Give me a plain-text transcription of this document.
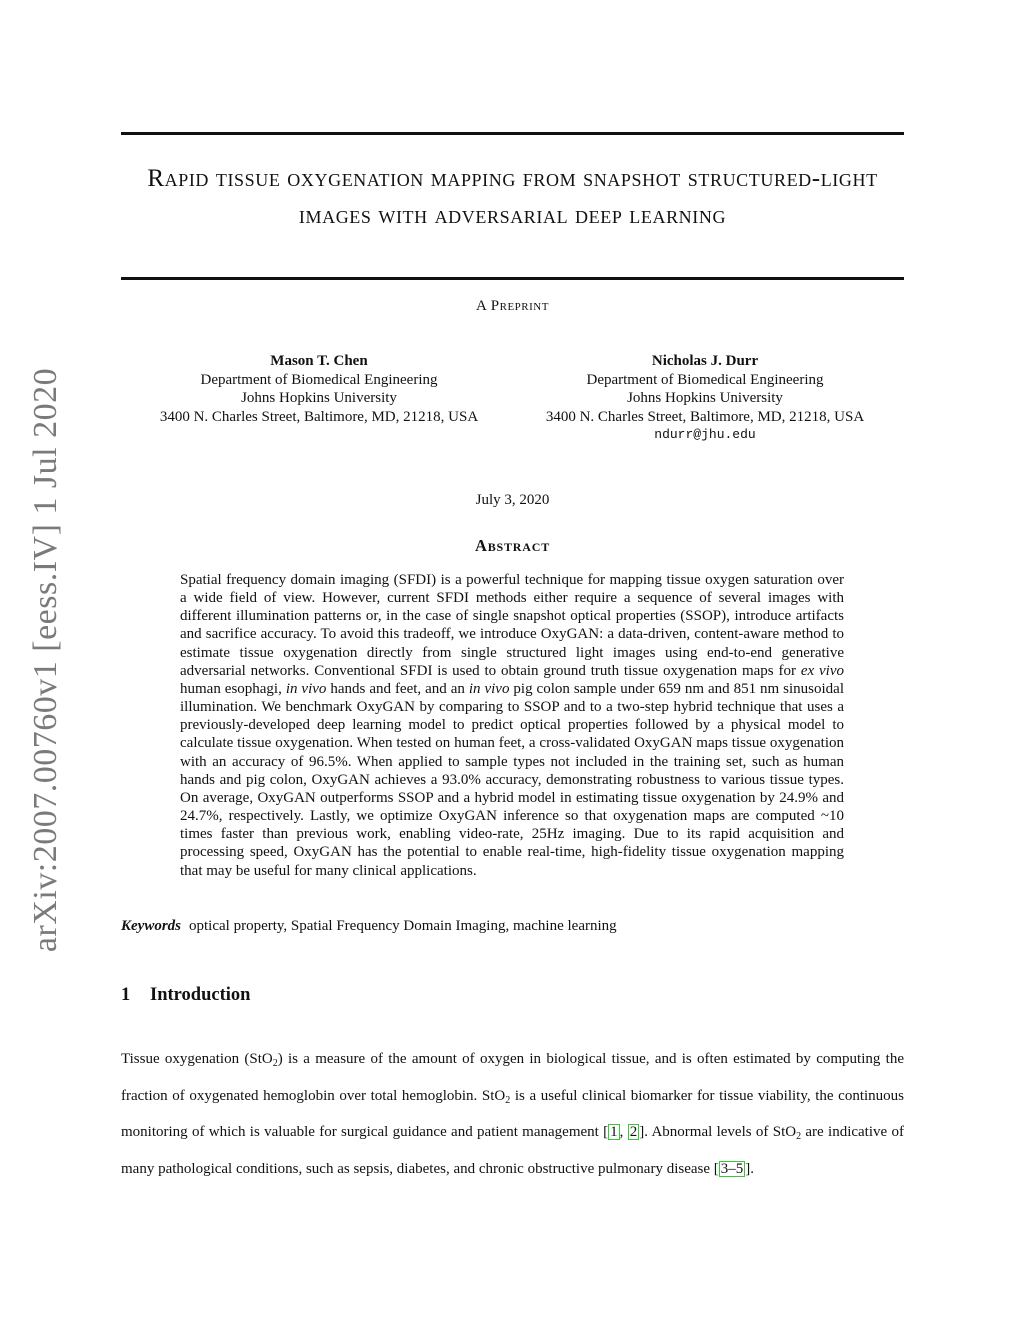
arXiv:2007.00760v1 [eess.IV] 1 Jul 2020
Rapid tissue oxygenation mapping from snapshot structured-light images with adversarial deep learning
A Preprint
Mason T. Chen
Department of Biomedical Engineering
Johns Hopkins University
3400 N. Charles Street, Baltimore, MD, 21218, USA
Nicholas J. Durr
Department of Biomedical Engineering
Johns Hopkins University
3400 N. Charles Street, Baltimore, MD, 21218, USA
ndurr@jhu.edu
July 3, 2020
Abstract

Spatial frequency domain imaging (SFDI) is a powerful technique for mapping tissue oxygen saturation over a wide field of view. However, current SFDI methods either require a sequence of several images with different illumination patterns or, in the case of single snapshot optical properties (SSOP), introduce artifacts and sacrifice accuracy. To avoid this tradeoff, we introduce OxyGAN: a data-driven, content-aware method to estimate tissue oxygenation directly from single structured light images using end-to-end generative adversarial networks. Conventional SFDI is used to obtain ground truth tissue oxygenation maps for ex vivo human esophagi, in vivo hands and feet, and an in vivo pig colon sample under 659 nm and 851 nm sinusoidal illumination. We benchmark OxyGAN by comparing to SSOP and to a two-step hybrid technique that uses a previously-developed deep learning model to predict optical properties followed by a physical model to calculate tissue oxygenation. When tested on human feet, a cross-validated OxyGAN maps tissue oxygenation with an accuracy of 96.5%. When applied to sample types not included in the training set, such as human hands and pig colon, OxyGAN achieves a 93.0% accuracy, demonstrating robustness to various tissue types. On average, OxyGAN outperforms SSOP and a hybrid model in estimating tissue oxygenation by 24.9% and 24.7%, respectively. Lastly, we optimize OxyGAN inference so that oxygenation maps are computed ~10 times faster than previous work, enabling video-rate, 25Hz imaging. Due to its rapid acquisition and processing speed, OxyGAN has the potential to enable real-time, high-fidelity tissue oxygenation mapping that may be useful for many clinical applications.

Keywords optical property, Spatial Frequency Domain Imaging, machine learning
1 Introduction

Tissue oxygenation (StO$_2$) is a measure of the amount of oxygen in biological tissue, and is often estimated by computing the fraction of oxygenated hemoglobin over total hemoglobin. StO$_2$ is a useful clinical biomarker for tissue viability, the continuous monitoring of which is valuable for surgical guidance and patient management [ 1 , 2 ]. Abnormal levels of StO$_2$ are indicative of many pathological conditions, such as sepsis, diabetes, and chronic obstructive pulmonary disease [ 3–5 ].
